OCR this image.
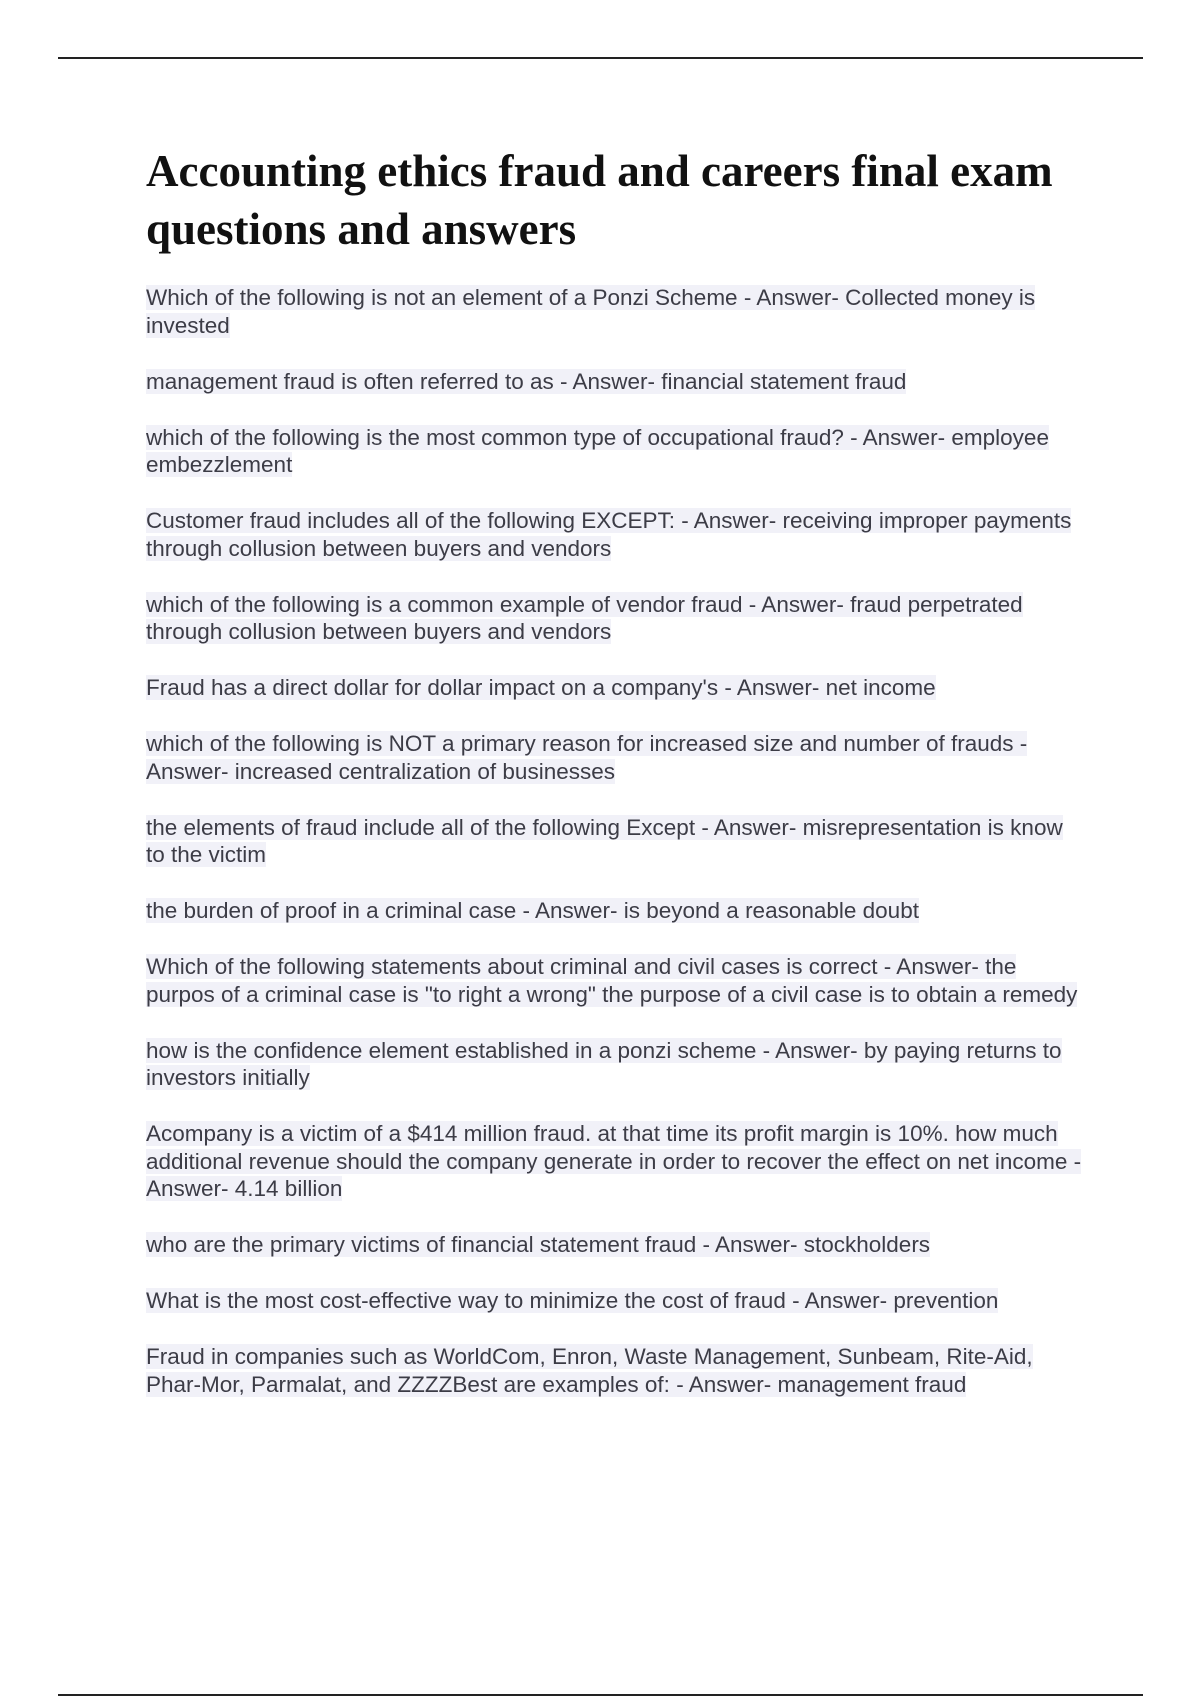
Accounting ethics fraud and careers final exam questions and answers
Which of the following is not an element of a Ponzi Scheme - Answer- Collected money is invested
management fraud is often referred to as - Answer- financial statement fraud
which of the following is the most common type of occupational fraud? - Answer- employee embezzlement
Customer fraud includes all of the following EXCEPT: - Answer- receiving improper payments through collusion between buyers and vendors
which of the following is a common example of vendor fraud - Answer- fraud perpetrated through collusion between buyers and vendors
Fraud has a direct dollar for dollar impact on a company's - Answer- net income
which of the following is NOT a primary reason for increased size and number of frauds - Answer- increased centralization of businesses
the elements of fraud include all of the following Except - Answer- misrepresentation is know to the victim
the burden of proof in a criminal case - Answer- is beyond a reasonable doubt
Which of the following statements about criminal and civil cases is correct - Answer- the purpos of a criminal case is "to right a wrong" the purpose of a civil case is to obtain a remedy
how is the confidence element established in a ponzi scheme - Answer- by paying returns to investors initially
Acompany is a victim of a $414 million fraud. at that time its profit margin is 10%. how much additional revenue should the company generate in order to recover the effect on net income - Answer- 4.14 billion
who are the primary victims of financial statement fraud - Answer- stockholders
What is the most cost-effective way to minimize the cost of fraud - Answer- prevention
Fraud in companies such as WorldCom, Enron, Waste Management, Sunbeam, Rite-Aid, Phar-Mor, Parmalat, and ZZZZBest are examples of: - Answer- management fraud
